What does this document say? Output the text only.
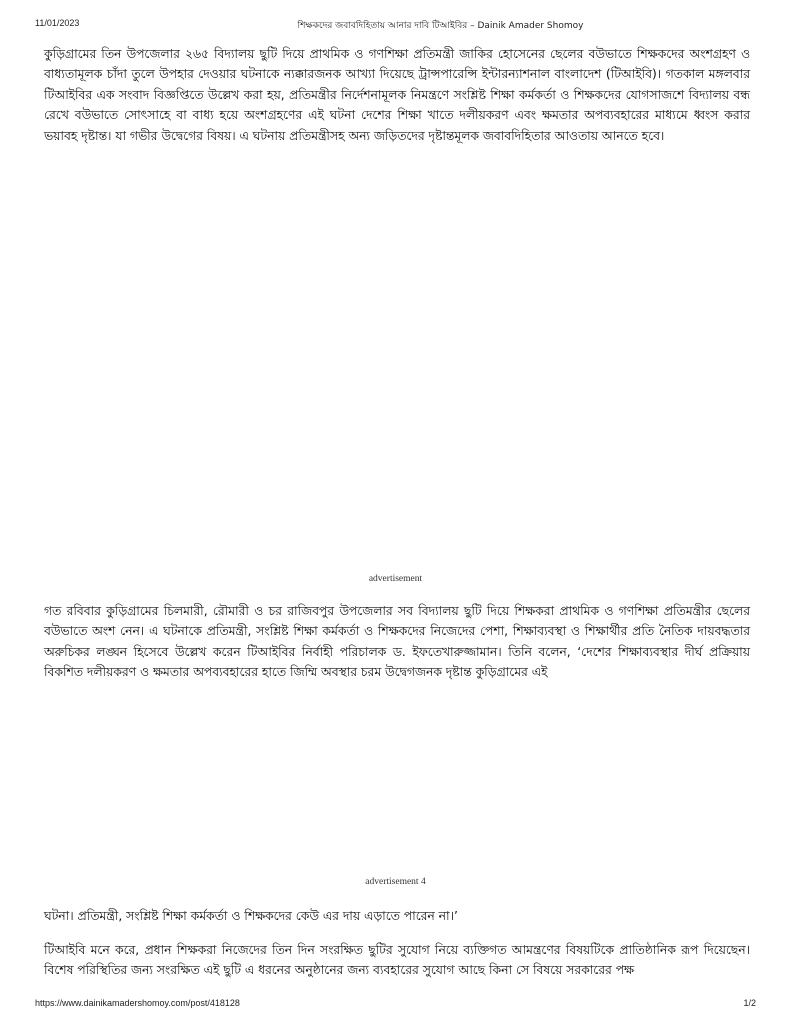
11/01/2023	শিক্ষকদের জবাবদিহিতায় আনার দাবি টিআইবির – Dainik Amader Shomoy

কুড়িগ্রামের তিন উপজেলার ২৬৫ বিদ্যালয় ছুটি দিয়ে প্রাথমিক ও গণশিক্ষা প্রতিমন্ত্রী জাকির হোসেনের ছেলের বউভাতে শিক্ষকদের অংশগ্রহণ ও বাধ্যতামূলক চাঁদা তুলে উপহার দেওয়ার ঘটনাকে ন্যক্কারজনক আখ্যা দিয়েছে ট্রান্সপারেন্সি ইন্টারন্যাশনাল বাংলাদেশ (টিআইবি)। গতকাল মঙ্গলবার টিআইবির এক সংবাদ বিজ্ঞপ্তিতে উল্লেখ করা হয়, প্রতিমন্ত্রীর নির্দেশনামূলক নিমন্ত্রণে সংশ্লিষ্ট শিক্ষা কর্মকর্তা ও শিক্ষকদের যোগসাজশে বিদ্যালয় বন্ধ রেখে বউভাতে সোৎসাহে বা বাধ্য হয়ে অংশগ্রহণের এই ঘটনা দেশের শিক্ষা খাতে দলীয়করণ এবং ক্ষমতার অপব্যবহারের মাধ্যমে ধ্বংস করার ভয়াবহ দৃষ্টান্ত। যা গভীর উদ্বেগের বিষয়। এ ঘটনায় প্রতিমন্ত্রীসহ অন্য জড়িতদের দৃষ্টান্তমূলক জবাবদিহিতার আওতায় আনতে হবে।

advertisement

গত রবিবার কুড়িগ্রামের চিলমারী, রৌমারী ও চর রাজিবপুর উপজেলার সব বিদ্যালয় ছুটি দিয়ে শিক্ষকরা প্রাথমিক ও গণশিক্ষা প্রতিমন্ত্রীর ছেলের বউভাতে অংশ নেন। এ ঘটনাকে প্রতিমন্ত্রী, সংশ্লিষ্ট শিক্ষা কর্মকর্তা ও শিক্ষকদের নিজেদের পেশা, শিক্ষাব্যবস্থা ও শিক্ষার্থীর প্রতি নৈতিক দায়বদ্ধতার অরুচিকর লঙ্ঘন হিসেবে উল্লেখ করেন টিআইবির নির্বাহী পরিচালক ড. ইফতেখারুজ্জামান। তিনি বলেন, ‘দেশের শিক্ষাব্যবস্থার দীর্ঘ প্রক্রিয়ায় বিকশিত দলীয়করণ ও ক্ষমতার অপব্যবহারের হাতে জিম্মি অবস্থার চরম উদ্বেগজনক দৃষ্টান্ত কুড়িগ্রামের এই

advertisement 4

ঘটনা। প্রতিমন্ত্রী, সংশ্লিষ্ট শিক্ষা কর্মকর্তা ও শিক্ষকদের কেউ এর দায় এড়াতে পারেন না।’

টিআইবি মনে করে, প্রধান শিক্ষকরা নিজেদের তিন দিন সংরক্ষিত ছুটির সুযোগ নিয়ে ব্যক্তিগত আমন্ত্রণের বিষয়টিকে প্রাতিষ্ঠানিক রূপ দিয়েছেন। বিশেষ পরিস্থিতির জন্য সংরক্ষিত এই ছুটি এ ধরনের অনুষ্ঠানের জন্য ব্যবহারের সুযোগ আছে কিনা সে বিষয়ে সরকারের পক্ষ

https://www.dainikamadershomoy.com/post/418128	1/2
